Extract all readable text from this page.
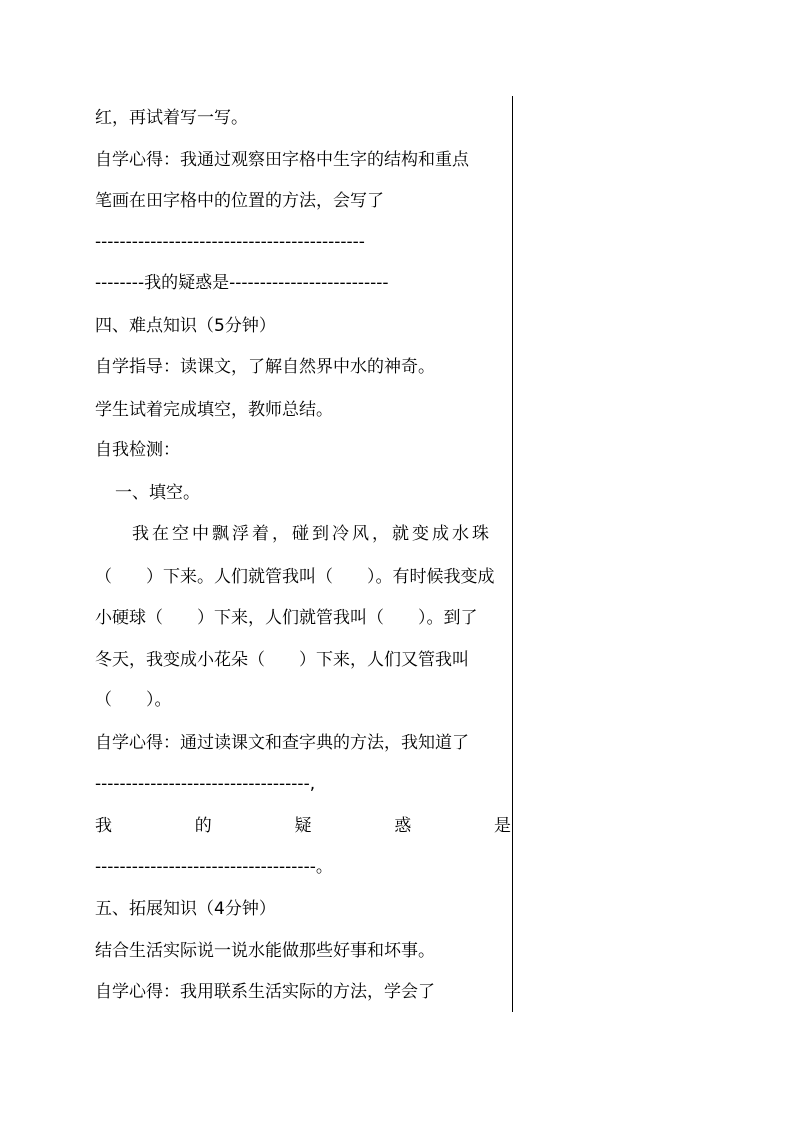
红，再试着写一写。
自学心得：我通过观察田字格中生字的结构和重点
笔画在田字格中的位置的方法，会写了
--------------------------------------------
--------我的疑惑是--------------------------
四、难点知识（5分钟）
自学指导：读课文，了解自然界中水的神奇。
学生试着完成填空，教师总结。
自我检测：
一、填空。
我在空中飘浮着，碰到冷风，就变成水珠
（　　）下来。人们就管我叫（　　）。有时候我变成
小硬球（　　）下来，人们就管我叫（　　）。到了
冬天，我变成小花朵（　　）下来，人们又管我叫
（　　）。
自学心得：通过读课文和查字典的方法，我知道了
-----------------------------------,
我	的	疑	惑	是
------------------------------------。
五、拓展知识（4分钟）
结合生活实际说一说水能做那些好事和坏事。
自学心得：我用联系生活实际的方法，学会了
